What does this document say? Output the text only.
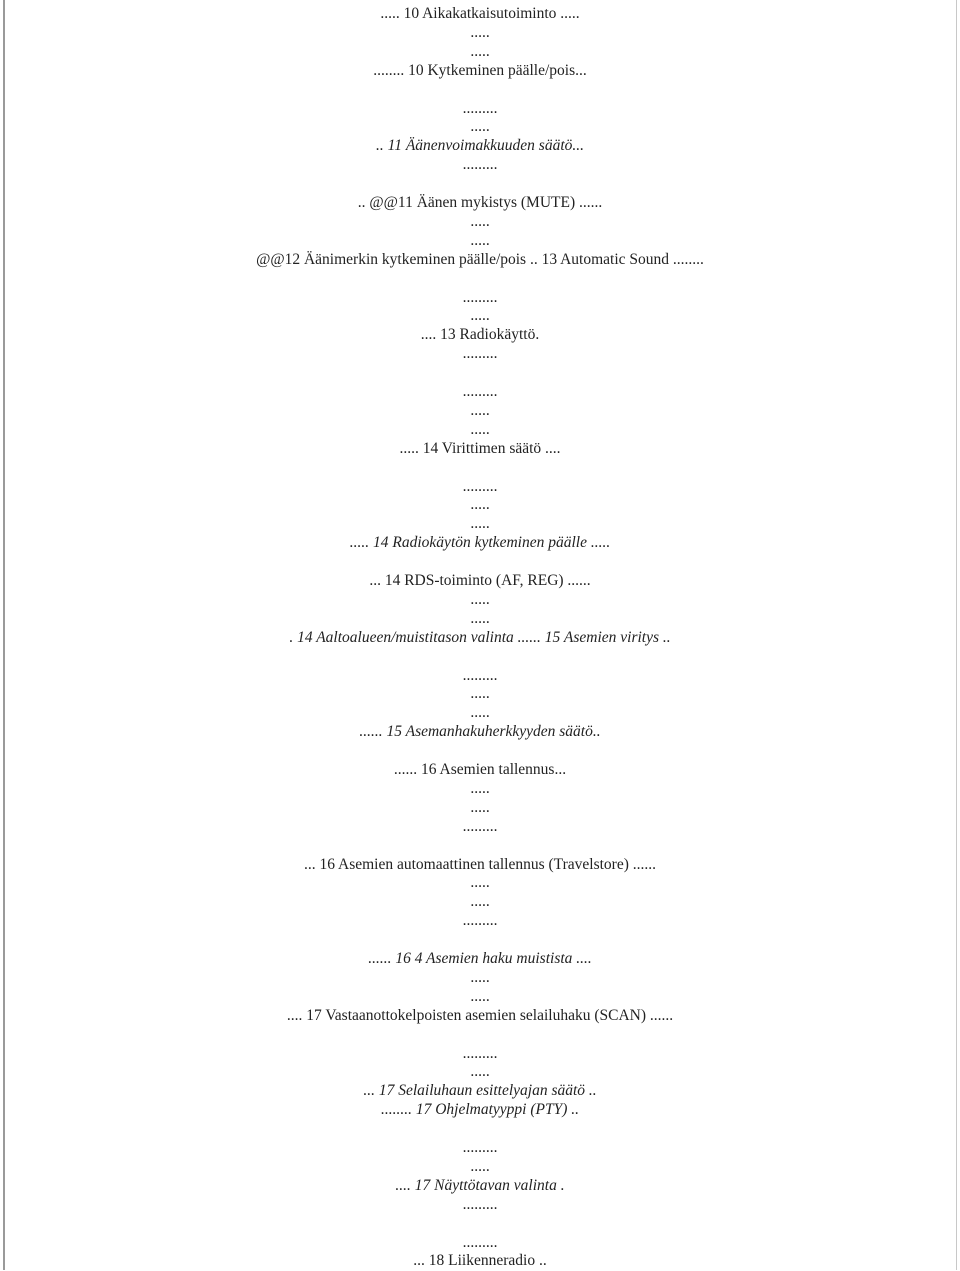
..... 10 Aikakatkaisutoiminto .....
.....
.....
........ 10 Kytkeminen päälle/pois...
.........
.....
.. 11 Äänenvoimakkuuden säätö...
.........
.. @@11 Äänen mykistys (MUTE) ......
.....
.....
@@12 Äänimerkin kytkeminen päälle/pois .. 13 Automatic Sound ........
.........
.....
.... 13 Radiokäyttö.
.........
.........
.....
.....
..... 14 Virittimen säätö ....
.........
.....
.....
..... 14 Radiokäytön kytkeminen päälle .....
... 14 RDS-toiminto (AF, REG) ......
.....
.....
. 14 Aaltoalueen/muistitason valinta ...... 15 Asemien viritys ..
.........
.....
.....
...... 15 Asemanhakuherkkyyden säätö..
...... 16 Asemien tallennus...
.....
.....
.........
... 16 Asemien automaattinen tallennus (Travelstore) ......
.....
.....
.........
...... 16 4 Asemien haku muistista ....
.....
.....
.... 17 Vastaanottokelpoisten asemien selailuhaku (SCAN) ......
.........
.....
... 17 Selailuhaun esittelyajan säätö ..
........ 17 Ohjelmatyyppi (PTY) ..
.........
.....
.... 17 Näyttötavan valinta .
.........
.........
... 18 Liikenneradio ..
